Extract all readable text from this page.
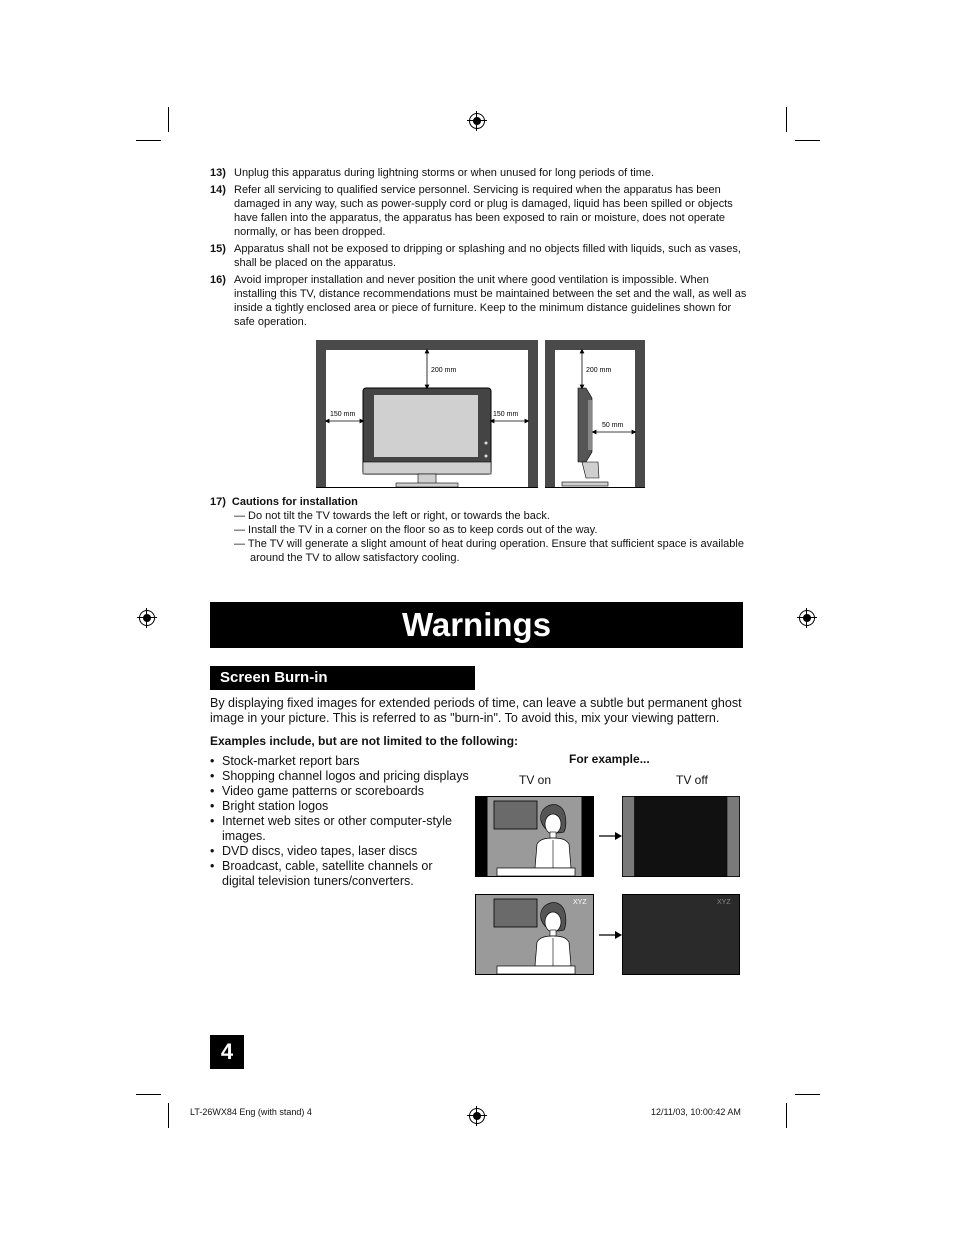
13) Unplug this apparatus during lightning storms or when unused for long periods of time.
14) Refer all servicing to qualified service personnel. Servicing is required when the apparatus has been damaged in any way, such as power-supply cord or plug is damaged, liquid has been spilled or objects have fallen into the apparatus, the apparatus has been exposed to rain or moisture, does not operate normally, or has been dropped.
15) Apparatus shall not be exposed to dripping or splashing and no objects filled with liquids, such as vases, shall be placed on the apparatus.
16) Avoid improper installation and never position the unit where good ventilation is impossible. When installing this TV, distance recommendations must be maintained between the set and the wall, as well as inside a tightly enclosed area or piece of furniture. Keep to the minimum distance guidelines shown for safe operation.
200 mm
150 mm	150 mm
200 mm
50 mm
17) Cautions for installation
— Do not tilt the TV towards the left or right, or towards the back.
— Install the TV in a corner on the floor so as to keep cords out of the way.
— The TV will generate a slight amount of heat during operation. Ensure that sufficient space is available around the TV to allow satisfactory cooling.
Warnings
Screen Burn-in
By displaying fixed images for extended periods of time, can leave a subtle but permanent ghost image in your picture. This is referred to as "burn-in". To avoid this, mix your viewing pattern.
Examples include, but are not limited to the following:
• Stock-market report bars
• Shopping channel logos and pricing displays
• Video game patterns or scoreboards
• Bright station logos
• Internet web sites or other computer-style images.
• DVD discs, video tapes, laser discs
• Broadcast, cable, satellite channels or digital television tuners/converters.
For example...
TV on	TV off
XYZ	XYZ
4
LT-26WX84 Eng (with stand) 4	12/11/03, 10:00:42 AM
